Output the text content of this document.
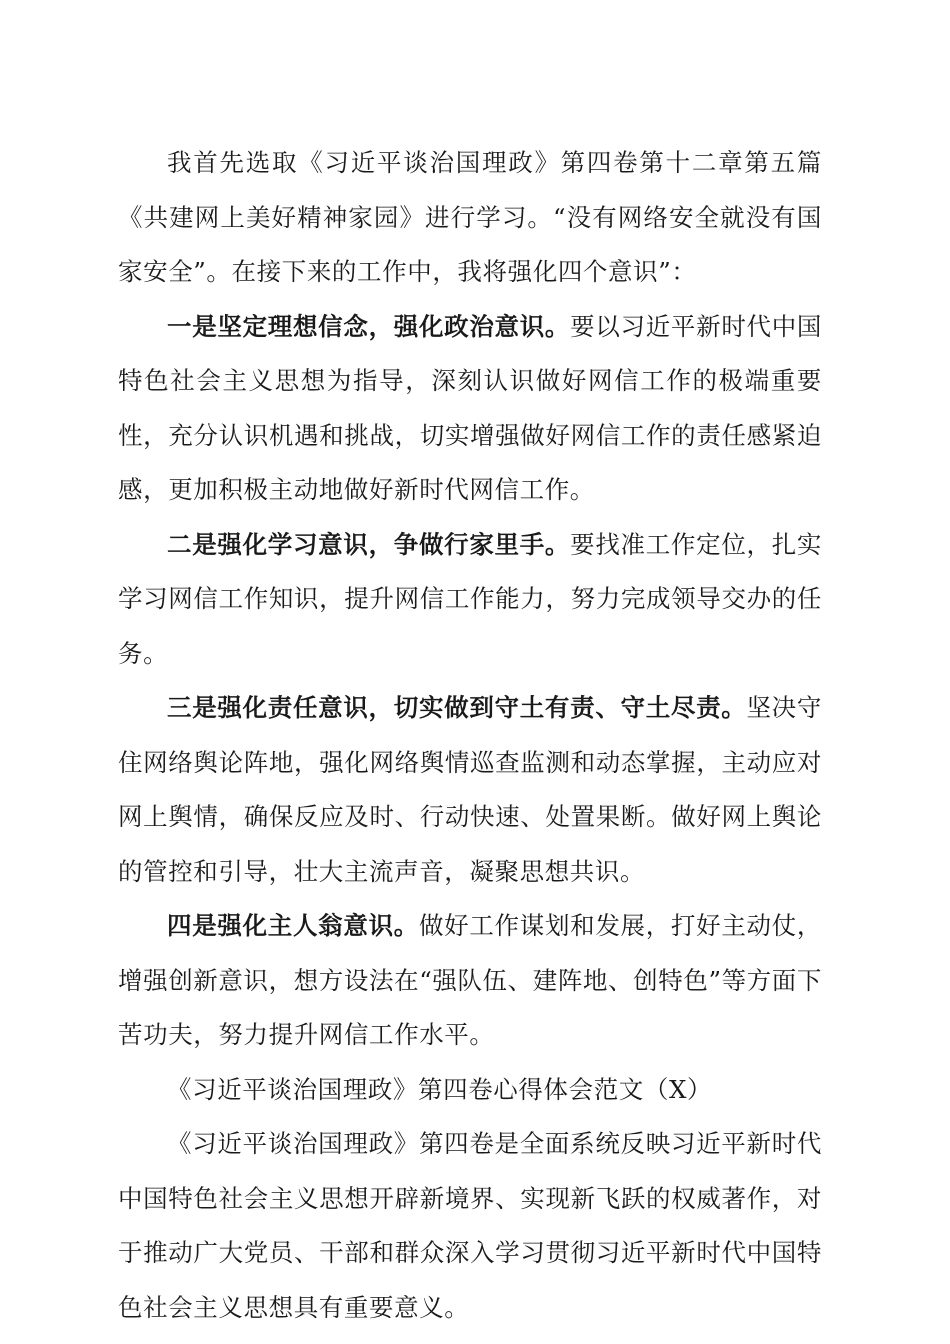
我首先选取《习近平谈治国理政》第四卷第十二章第五篇《共建网上美好精神家园》进行学习。“没有网络安全就没有国家安全”。在接下来的工作中，我将强化四个意识”：

一是坚定理想信念，强化政治意识。要以习近平新时代中国特色社会主义思想为指导，深刻认识做好网信工作的极端重要性，充分认识机遇和挑战，切实增强做好网信工作的责任感紧迫感，更加积极主动地做好新时代网信工作。

二是强化学习意识，争做行家里手。要找准工作定位，扎实学习网信工作知识，提升网信工作能力，努力完成领导交办的任务。

三是强化责任意识，切实做到守土有责、守土尽责。坚决守住网络舆论阵地，强化网络舆情巡查监测和动态掌握，主动应对网上舆情，确保反应及时、行动快速、处置果断。做好网上舆论的管控和引导，壮大主流声音，凝聚思想共识。

四是强化主人翁意识。做好工作谋划和发展，打好主动仗，增强创新意识，想方设法在“强队伍、建阵地、创特色”等方面下苦功夫，努力提升网信工作水平。

《习近平谈治国理政》第四卷心得体会范文（X）

《习近平谈治国理政》第四卷是全面系统反映习近平新时代中国特色社会主义思想开辟新境界、实现新飞跃的权威著作，对于推动广大党员、干部和群众深入学习贯彻习近平新时代中国特色社会主义思想具有重要意义。
